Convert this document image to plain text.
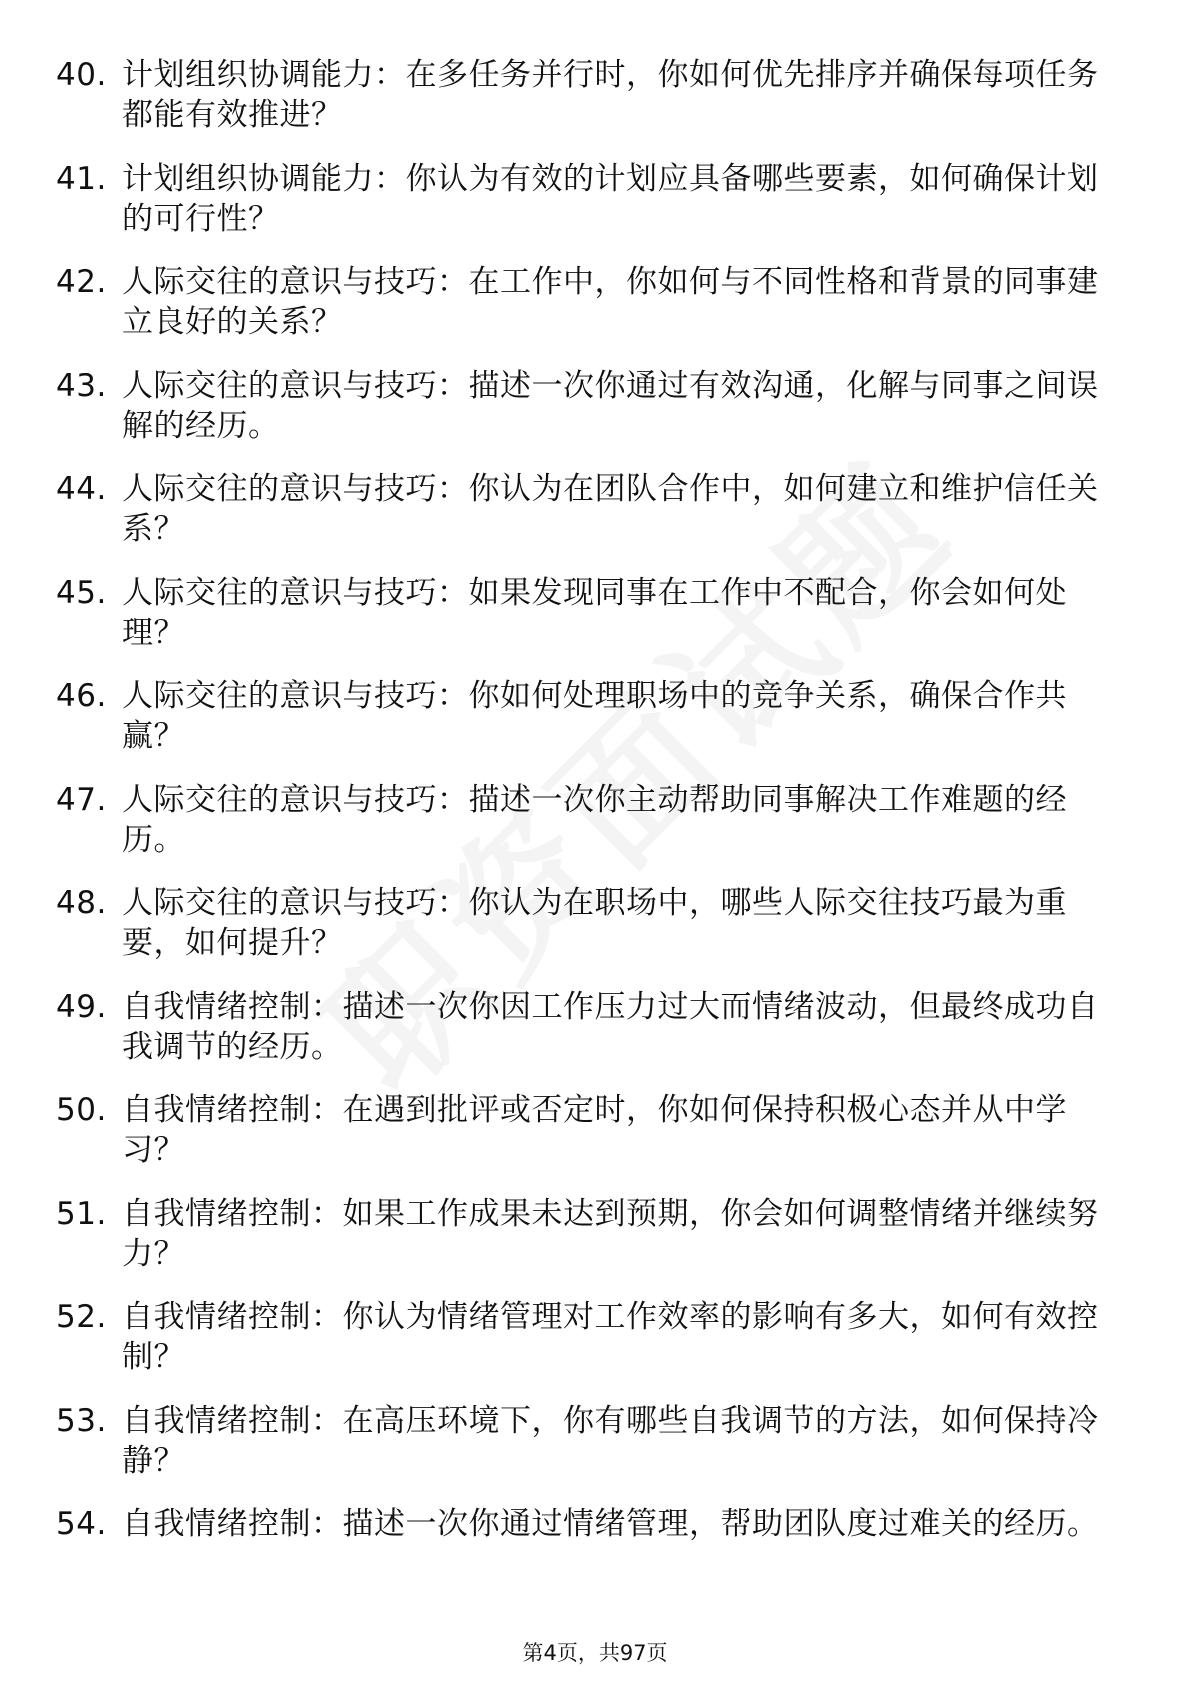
40. 计划组织协调能力：在多任务并行时，你如何优先排序并确保每项任务都能有效推进？
41. 计划组织协调能力：你认为有效的计划应具备哪些要素，如何确保计划的可行性？
42. 人际交往的意识与技巧：在工作中，你如何与不同性格和背景的同事建立良好的关系？
43. 人际交往的意识与技巧：描述一次你通过有效沟通，化解与同事之间误解的经历。
44. 人际交往的意识与技巧：你认为在团队合作中，如何建立和维护信任关系？
45. 人际交往的意识与技巧：如果发现同事在工作中不配合，你会如何处理？
46. 人际交往的意识与技巧：你如何处理职场中的竞争关系，确保合作共赢？
47. 人际交往的意识与技巧：描述一次你主动帮助同事解决工作难题的经历。
48. 人际交往的意识与技巧：你认为在职场中，哪些人际交往技巧最为重要，如何提升？
49. 自我情绪控制：描述一次你因工作压力过大而情绪波动，但最终成功自我调节的经历。
50. 自我情绪控制：在遇到批评或否定时，你如何保持积极心态并从中学习？
51. 自我情绪控制：如果工作成果未达到预期，你会如何调整情绪并继续努力？
52. 自我情绪控制：你认为情绪管理对工作效率的影响有多大，如何有效控制？
53. 自我情绪控制：在高压环境下，你有哪些自我调节的方法，如何保持冷静？
54. 自我情绪控制：描述一次你通过情绪管理，帮助团队度过难关的经历。
第4页，共97页
